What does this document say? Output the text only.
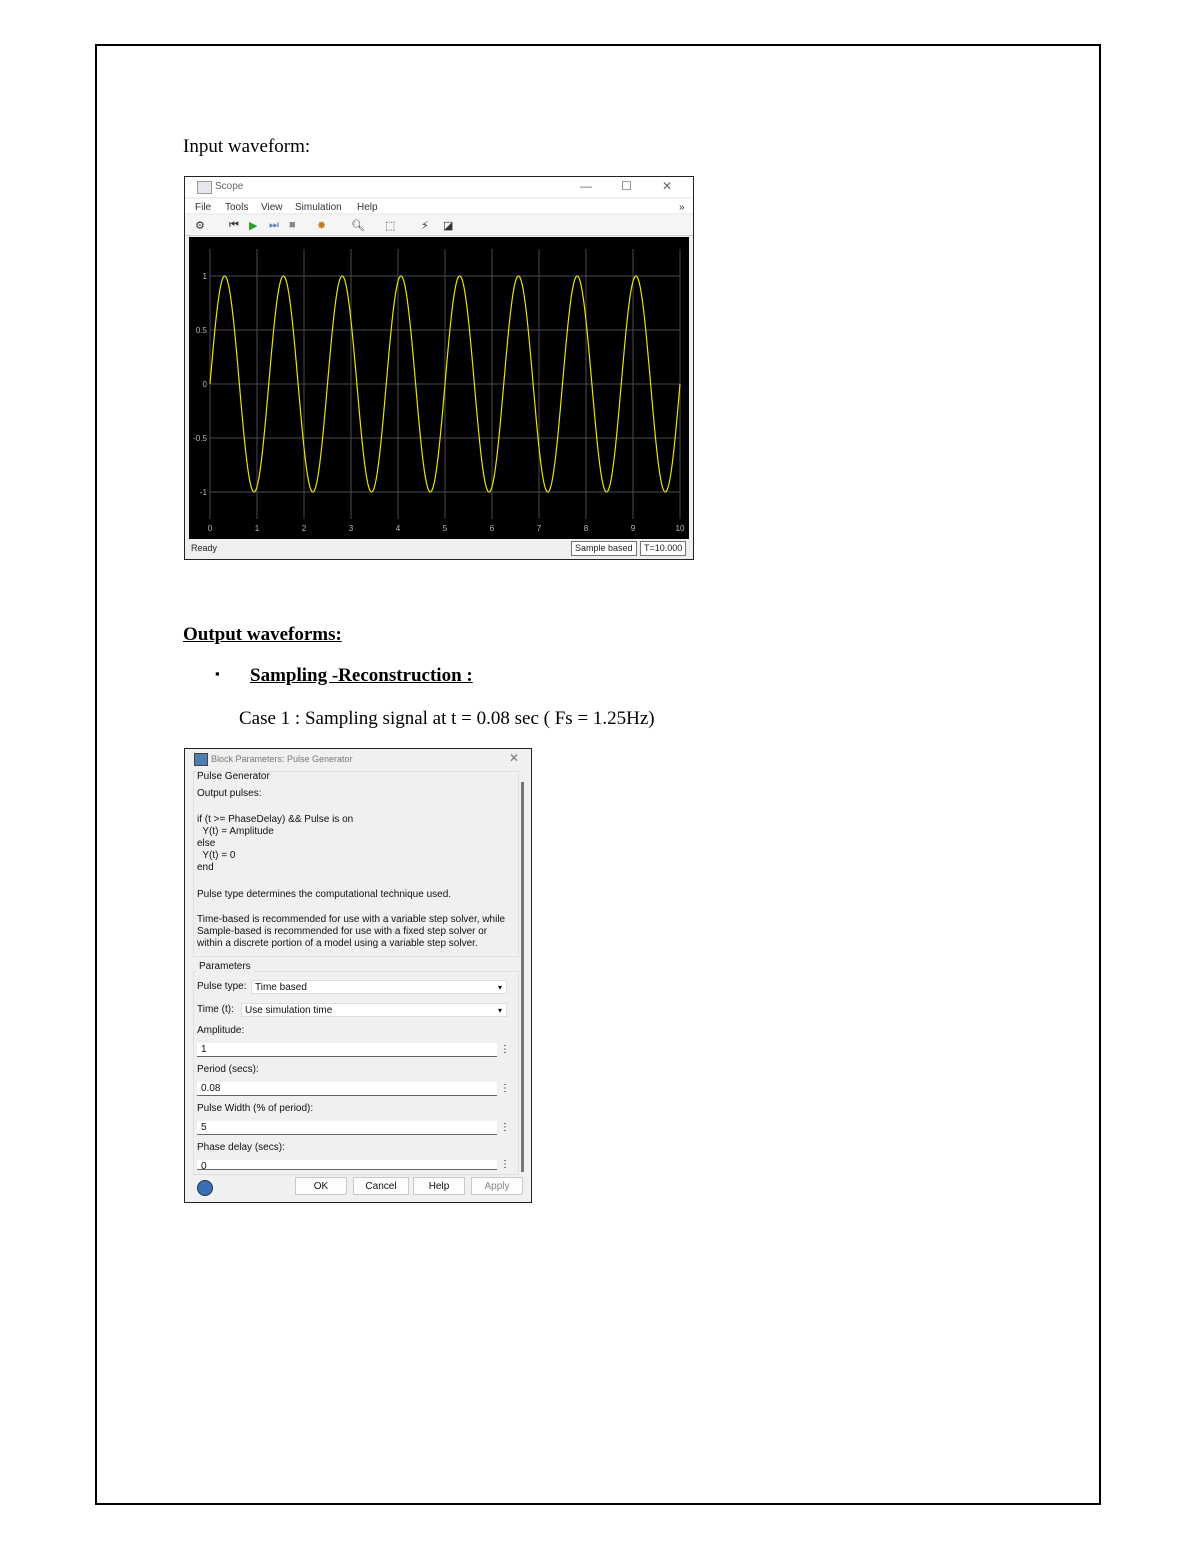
Input waveform:
Scope	— ☐	✕
File Tools View Simulation Help	»
⚙ ⏮ ▶ ⏭ ■ ✸ 🔍︎ ⬚ ⚡︎ ◪
0	1	2	3	4	5	6	7	8	9	10
1
0.5
0
-0.5
-1
Ready	Sample based	T=10.000
Output waveforms:
▪ Sampling -Reconstruction :
Case 1 : Sampling signal at t = 0.08 sec ( Fs = 1.25Hz)
Block Parameters: Pulse Generator	✕
Pulse Generator
Output pulses:
if (t >= PhaseDelay) && Pulse is on
Y(t) = Amplitude
else
Y(t) = 0
end
Pulse type determines the computational technique used.
Time-based is recommended for use with a variable step solver, while
Sample-based is recommended for use with a fixed step solver or
within a discrete portion of a model using a variable step solver.
Parameters
Pulse type: Time based	▾
Time (t):	Use simulation time	▾
Amplitude:
1	⋮
Period (secs):
0.08	⋮
Pulse Width (% of period):
5	⋮
Phase delay (secs):
0	⋮
OK	Cancel	Help	Apply
